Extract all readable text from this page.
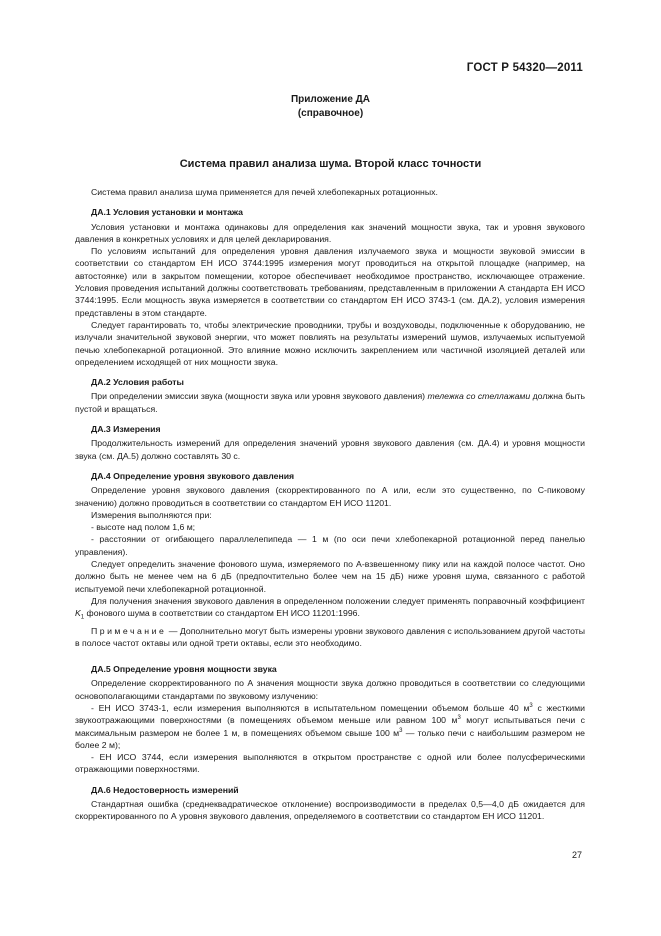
ГОСТ Р 54320—2011
Приложение ДА
(справочное)
Система правил анализа шума. Второй класс точности

Система правил анализа шума применяется для печей хлебопекарных ротационных.

ДА.1 Условия установки и монтажа

Условия установки и монтажа одинаковы для определения как значений мощности звука, так и уровня звукового давления в конкретных условиях и для целей декларирования.

По условиям испытаний для определения уровня давления излучаемого звука и мощности звуковой эмиссии в соответствии со стандартом ЕН ИСО 3744:1995 измерения могут проводиться на открытой площадке (например, на автостоянке) или в закрытом помещении, которое обеспечивает необходимое пространство, исключающее отражение. Условия проведения испытаний должны соответствовать требованиям, представленным в приложении А стандарта ЕН ИСО 3744:1995. Если мощность звука измеряется в соответствии со стандартом ЕН ИСО 3743-1 (см. ДА.2), условия измерения представлены в этом стандарте.

Следует гарантировать то, чтобы электрические проводники, трубы и воздуховоды, подключенные к оборудованию, не излучали значительной звуковой энергии, что может повлиять на результаты измерений шумов, излучаемых испытуемой печью хлебопекарной ротационной. Это влияние можно исключить закреплением или частичной изоляцией деталей или определением исходящей от них мощности звука.

ДА.2 Условия работы

При определении эмиссии звука (мощности звука или уровня звукового давления) тележка со стеллажами должна быть пустой и вращаться.

ДА.3 Измерения

Продолжительность измерений для определения значений уровня звукового давления (см. ДА.4) и уровня мощности звука (см. ДА.5) должно составлять 30 с.

ДА.4 Определение уровня звукового давления

Определение уровня звукового давления (скорректированного по А или, если это существенно, по С-пиковому значению) должно проводиться в соответствии со стандартом ЕН ИСО 11201.

Измерения выполняются при:

- высоте над полом 1,6 м;

- расстоянии от огибающего параллелепипеда — 1 м (по оси печи хлебопекарной ротационной перед панелью управления).

Следует определить значение фонового шума, измеряемого по А-взвешенному пику или на каждой полосе частот. Оно должно быть не менее чем на 6 дБ (предпочтительно более чем на 15 дБ) ниже уровня шума, связанного с работой испытуемой печи хлебопекарной ротационной.

Для получения значения звукового давления в определенном положении следует применять поправочный коэффициент $K_1$ фонового шума в соответствии со стандартом ЕН ИСО 11201:1996.

Примечание — Дополнительно могут быть измерены уровни звукового давления с использованием другой частоты в полосе частот октавы или одной трети октавы, если это необходимо.

ДА.5 Определение уровня мощности звука

Определение скорректированного по А значения мощности звука должно проводиться в соответствии со следующими основополагающими стандартами по звуковому излучению:

- ЕН ИСО 3743-1, если измерения выполняются в испытательном помещении объемом больше 40 $м^3$ с жесткими звукоотражающими поверхностями (в помещениях объемом меньше или равном 100 $м^3$ могут испытываться печи с максимальным размером не более 1 м, в помещениях объемом свыше 100 $м^3$ — только печи с наибольшим размером не более 2 м);

- ЕН ИСО 3744, если измерения выполняются в открытом пространстве с одной или более полусферическими отражающими поверхностями.

ДА.6 Недостоверность измерений

Стандартная ошибка (среднеквадратическое отклонение) воспроизводимости в пределах 0,5—4,0 дБ ожидается для скорректированного по А уровня звукового давления, определяемого в соответствии со стандартом ЕН ИСО 11201.

27
